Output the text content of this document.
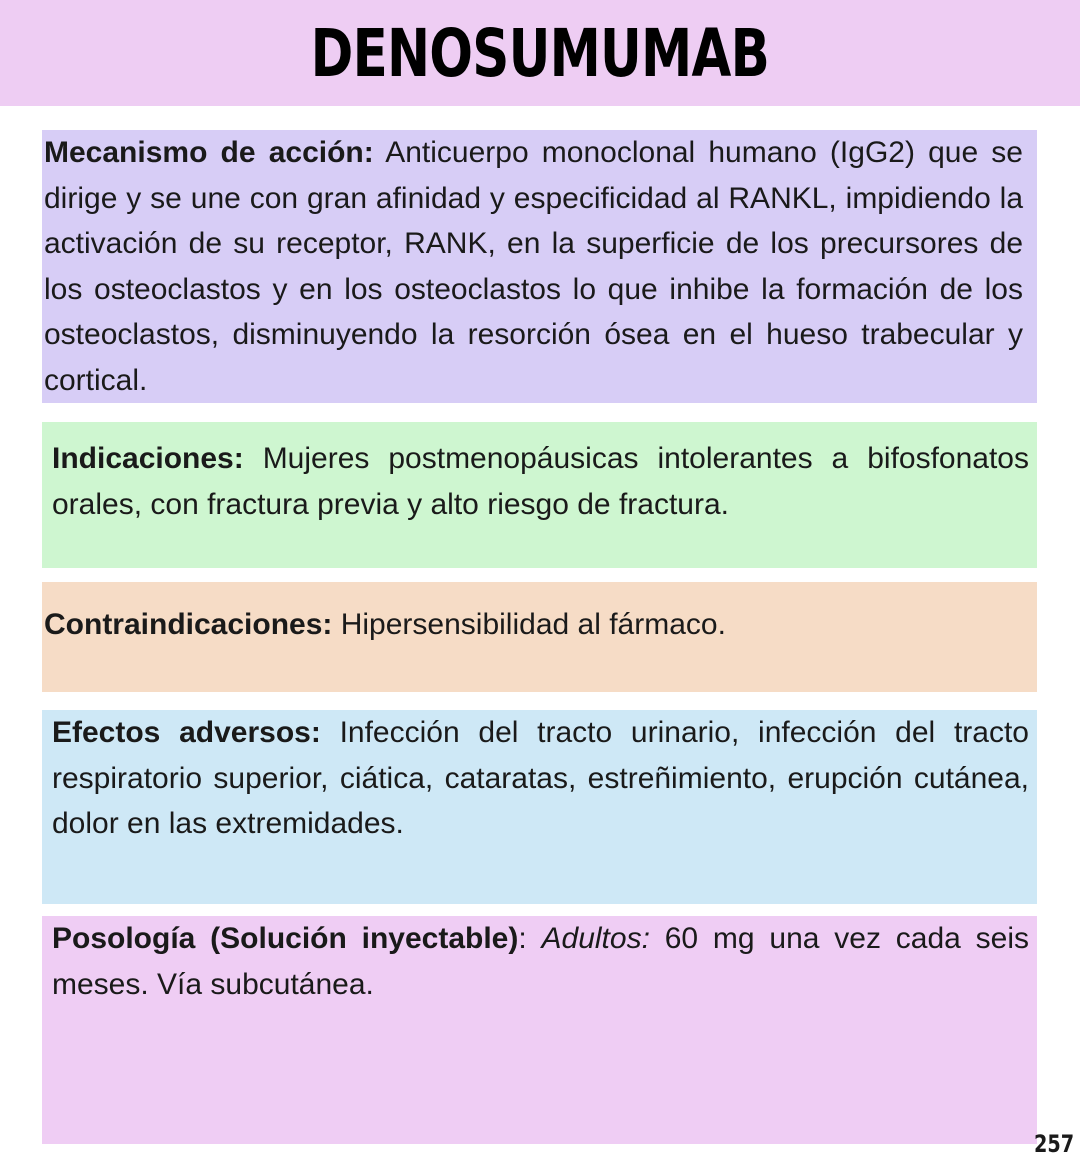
DENOSUMUMAB

Mecanismo de acción: Anticuerpo monoclonal humano (IgG2) que se dirige y se une con gran afinidad y especificidad al RANKL, impidiendo la activación de su receptor, RANK, en la superficie de los precursores de los osteoclastos y en los osteoclastos lo que inhibe la formación de los osteoclastos, disminuyendo la resorción ósea en el hueso trabecular y cortical.

Indicaciones: Mujeres postmenopáusicas intolerantes a bifosfonatos orales, con fractura previa y alto riesgo de fractura.

Contraindicaciones: Hipersensibilidad al fármaco.

Efectos adversos: Infección del tracto urinario, infección del tracto respiratorio superior, ciática, cataratas, estreñimiento, erupción cutánea, dolor en las extremidades.

Posología (Solución inyectable): Adultos: 60 mg una vez cada seis meses. Vía subcutánea.

257
